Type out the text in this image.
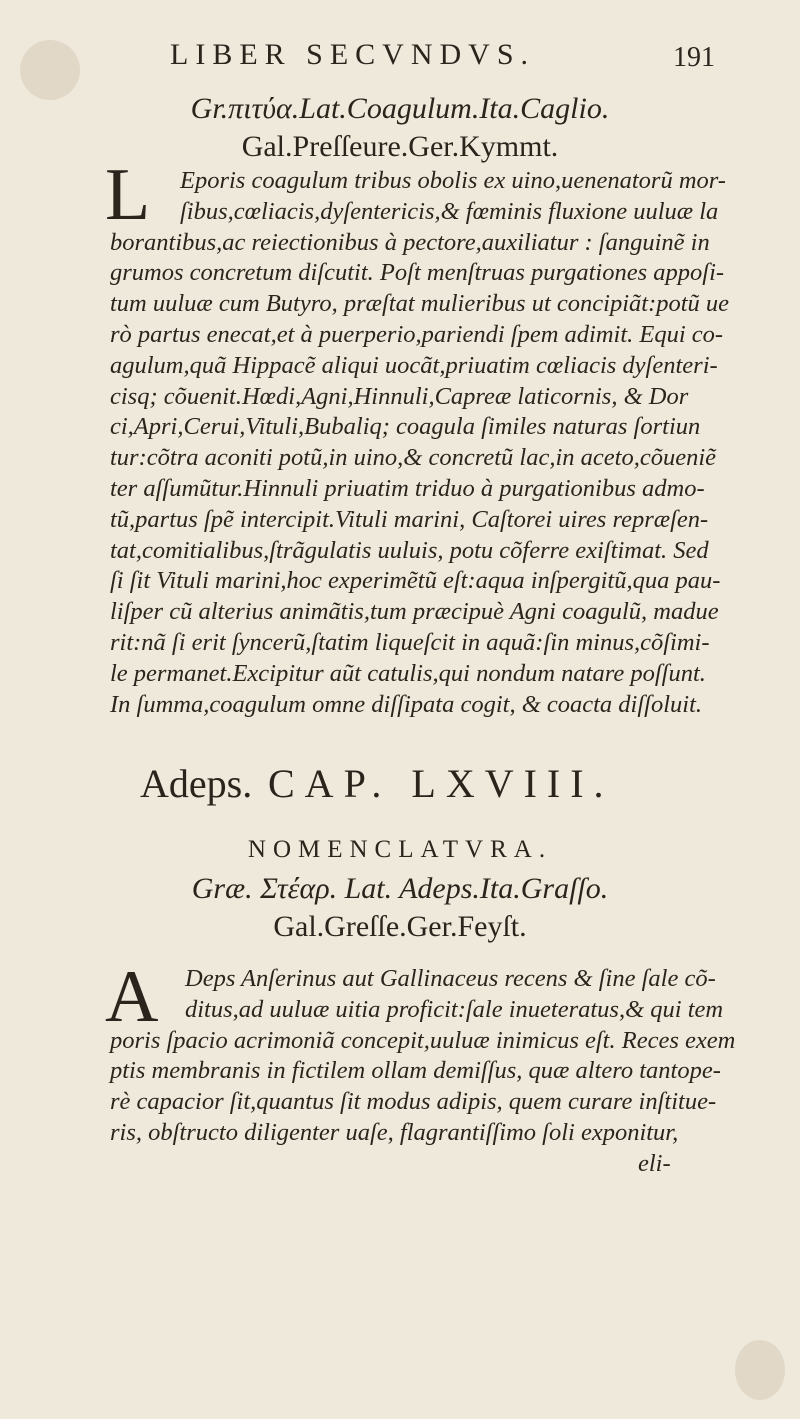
LIBER SECVNDVS.	191
Gr.πιτύα.Lat.Coagulum.Ita.Caglio.
Gal.Preſſeure.Ger.Kymmt.
L	Eporis coagulum tribus obolis ex uino,uenenatorũ mor-
ſibus,cœliacis,dyſentericis,& fœminis fluxione uuluæ la
borantibus,ac reiectionibus à pectore,auxiliatur : ſanguinẽ in
grumos concretum diſcutit. Poſt menſtruas purgationes appoſi-
tum uuluæ cum Butyro, præſtat mulieribus ut concipiãt:potũ ue
rò partus enecat,et à puerperio,pariendi ſpem adimit. Equi co-
agulum,quã Hippacẽ aliqui uocãt,priuatim cœliacis dyſenteri-
cisq; cõuenit.Hœdi,Agni,Hinnuli,Capreæ laticornis, & Dor
ci,Apri,Cerui,Vituli,Bubaliq; coagula ſimiles naturas ſortiun
tur:cõtra aconiti potũ,in uino,& concretũ lac,in aceto,cõueniẽ
ter aſſumũtur.Hinnuli priuatim triduo à purgationibus admo-
tũ,partus ſpẽ intercipit.Vituli marini, Caſtorei uires repræſen-
tat,comitialibus,ſtrãgulatis uuluis, potu cõferre exiſtimat. Sed
ſi ſit Vituli marini,hoc experimẽtũ eſt:aqua inſpergitũ,qua pau-
liſper cũ alterius animãtis,tum præcipuè Agni coagulũ, madue
rit:nã ſi erit ſyncerũ,ſtatim liqueſcit in aquã:ſin minus,cõſimi-
le permanet.Excipitur aũt catulis,qui nondum natare poſſunt.
In ſumma,coagulum omne diſſipata cogit, & coacta diſſoluit.
Adeps. CAP. LXVIII.
NOMENCLATVRA.
Græ. Στέαρ. Lat. Adeps.Ita.Graſſo.
Gal.Greſſe.Ger.Feyſt.
A	Deps Anſerinus aut Gallinaceus recens & ſine ſale cõ-
ditus,ad uuluæ uitia proficit:ſale inueteratus,& qui tem
poris ſpacio acrimoniã concepit,uuluæ inimicus eſt. Reces exem
ptis membranis in fictilem ollam demiſſus, quæ altero tantope-
rè capacior ſit,quantus ſit modus adipis, quem curare inſtitue-
ris, obſtructo diligenter uaſe, flagrantiſſimo ſoli exponitur,
eli-
